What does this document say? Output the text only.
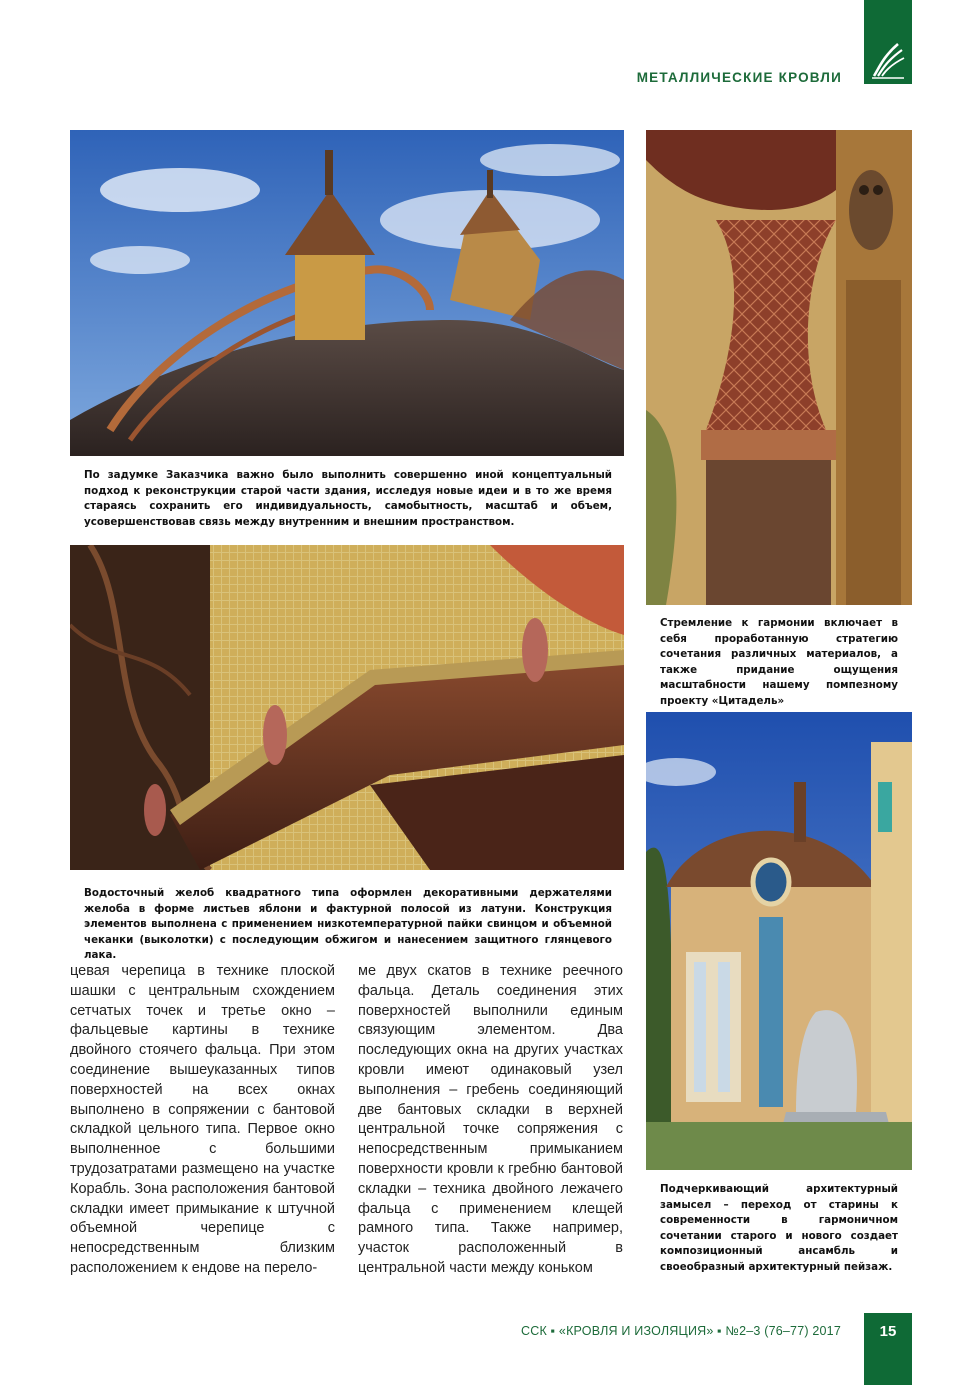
МЕТАЛЛИЧЕСКИЕ КРОВЛИ
По задумке Заказчика важно было выполнить совершенно иной концептуальный подход к реконструкции старой части здания, исследуя новые идеи и в то же время стараясь сохранить его индивидуальность, самобытность, масштаб и объем, усовершенствовав связь между внутренним и внешним пространством.
Стремление к гармонии включает в себя проработанную стратегию сочетания различных материалов, а также придание ощущения масштабности нашему помпезному проекту «Цитадель»
Водосточный желоб квадратного типа оформлен декоративными держателями желоба в форме листьев яблони и фактурной полосой из латуни. Конструкция элементов выполнена с применением низкотемпературной пайки свинцом и объемной чеканки (выколотки) с последующим обжигом и нанесением защитного глянцевого лака.
Подчеркивающий архитектурный замысел – переход от старины к современности в гармоничном сочетании старого и нового создает композиционный ансамбль и своеобразный архитектурный пейзаж.
цевая черепица в технике плоской шашки с центральным схождением сетчатых точек и третье окно – фальцевые картины в технике двойного стоячего фальца. При этом соединение вышеуказанных типов поверхностей на всех окнах выполнено в сопряжении с бантовой складкой цельного типа. Первое окно выполненное с большими трудозатратами размещено на участке Корабль. Зона расположения бантовой складки имеет примыкание к штучной объемной черепице с непосредственным близким расположением к ендове на перело-
ме двух скатов в технике реечного фальца. Деталь соединения этих поверхностей выполнили единым связующим элементом. Два последующих окна на других участках кровли имеют одинаковый узел выполнения – гребень соединяющий две бантовых складки в верхней центральной точке сопряжения с непосредственным примыканием поверхности кровли к гребню бантовой складки – техника двойного лежачего фальца с применением клещей рамного типа. Также например, участок расположенный в центральной части между коньком
ССК ▪ «КРОВЛЯ И ИЗОЛЯЦИЯ» ▪ №2–3 (76–77) 2017	15
